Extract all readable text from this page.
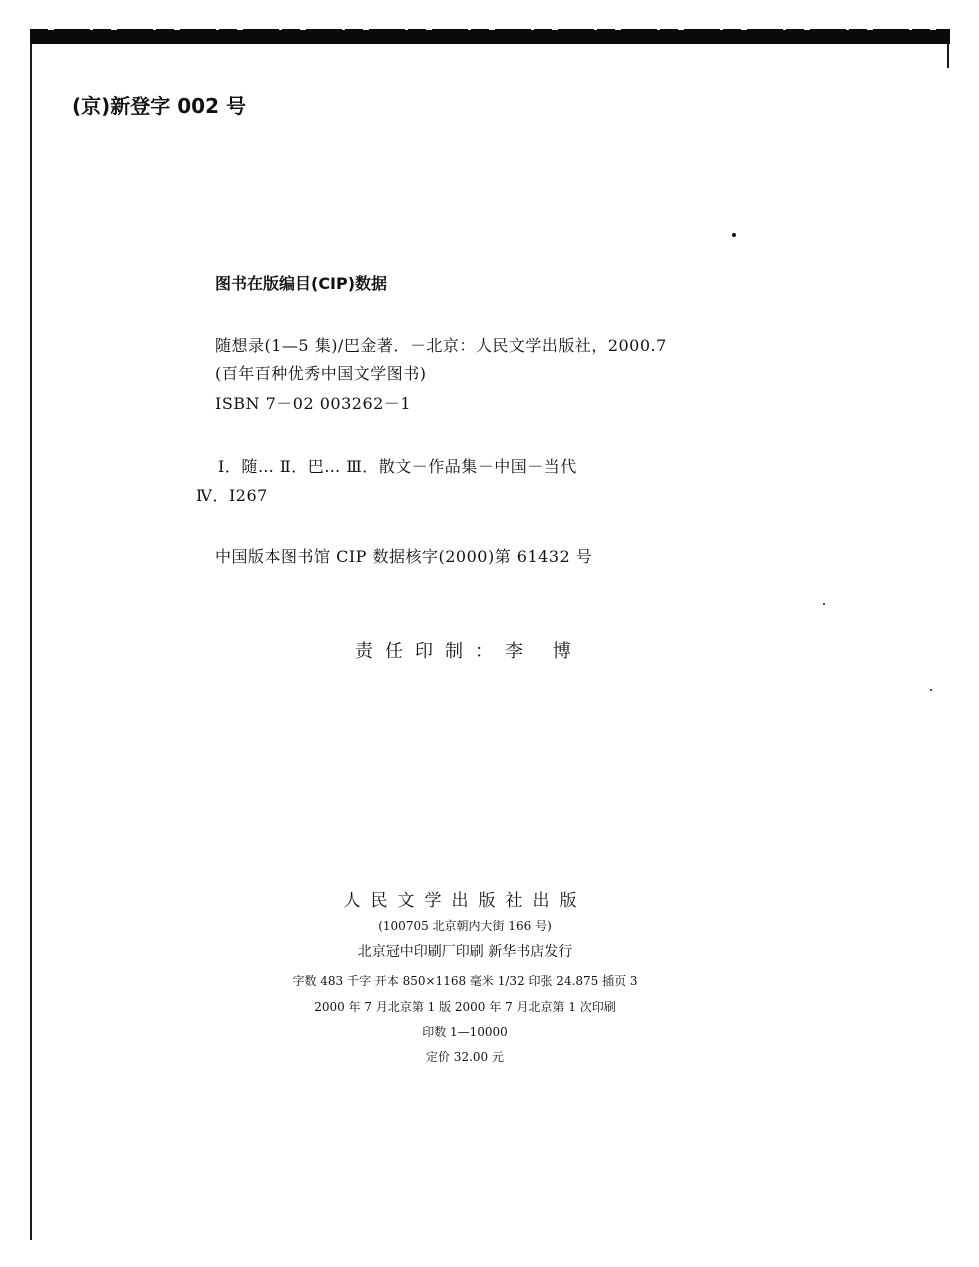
(京)新登字 002 号
图书在版编目(CIP)数据
随想录(1—5 集)/巴金著．－北京：人民文学出版社，2000.7
(百年百种优秀中国文学图书)
ISBN 7－02 003262－1
Ⅰ．随… Ⅱ．巴… Ⅲ．散文－作品集－中国－当代
Ⅳ．I267
中国版本图书馆 CIP 数据核字(2000)第 61432 号
责任印制：李 博
人民文学出版社出版
(100705 北京朝内大街 166 号)
北京冠中印刷厂印刷 新华书店发行
字数 483 千字 开本 850×1168 毫米 1/32 印张 24.875 插页 3
2000 年 7 月北京第 1 版 2000 年 7 月北京第 1 次印刷
印数 1—10000
定价 32.00 元
